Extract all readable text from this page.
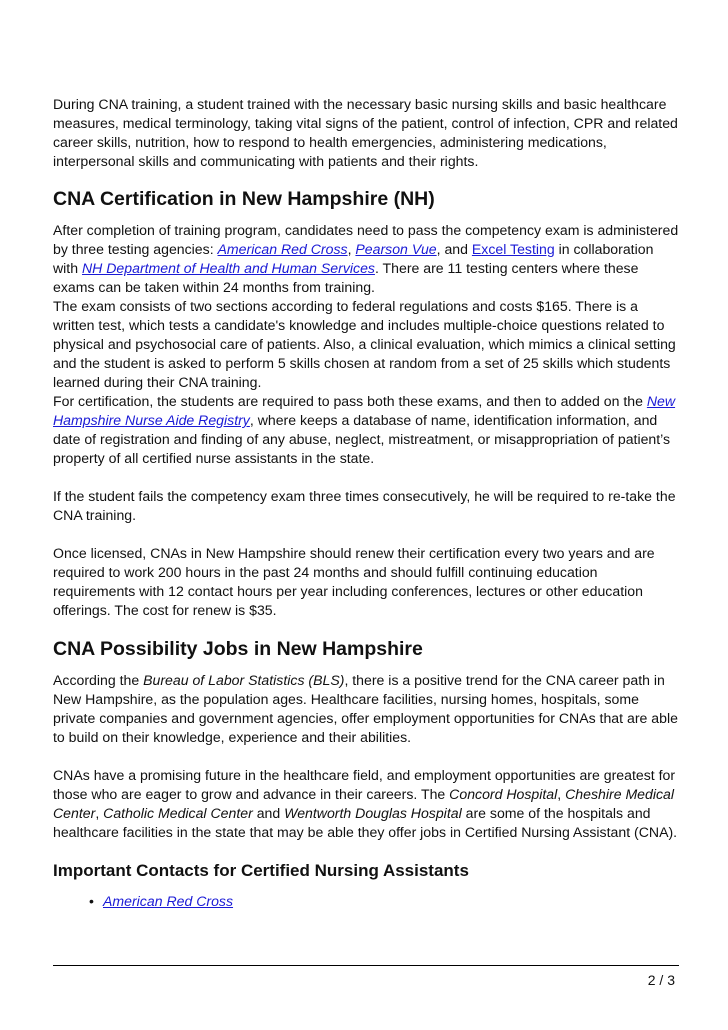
During CNA training, a student trained with the necessary basic nursing skills and basic healthcare measures, medical terminology, taking vital signs of the patient, control of infection, CPR and related career skills, nutrition, how to respond to health emergencies, administering medications, interpersonal skills and communicating with patients and their rights.

CNA Certification in New Hampshire (NH)

After completion of training program, candidates need to pass the competency exam is administered by three testing agencies: American Red Cross, Pearson Vue, and Excel Testing in collaboration with NH Department of Health and Human Services. There are 11 testing centers where these exams can be taken within 24 months from training.

The exam consists of two sections according to federal regulations and costs $165. There is a written test, which tests a candidate's knowledge and includes multiple-choice questions related to physical and psychosocial care of patients. Also, a clinical evaluation, which mimics a clinical setting and the student is asked to perform 5 skills chosen at random from a set of 25 skills which students learned during their CNA training.

For certification, the students are required to pass both these exams, and then to added on the New Hampshire Nurse Aide Registry, where keeps a database of name, identification information, and date of registration and finding of any abuse, neglect, mistreatment, or misappropriation of patient’s property of all certified nurse assistants in the state.

If the student fails the competency exam three times consecutively, he will be required to re-take the CNA training.

Once licensed, CNAs in New Hampshire should renew their certification every two years and are required to work 200 hours in the past 24 months and should fulfill continuing education requirements with 12 contact hours per year including conferences, lectures or other education offerings. The cost for renew is $35.

CNA Possibility Jobs in New Hampshire

According the Bureau of Labor Statistics (BLS), there is a positive trend for the CNA career path in New Hampshire, as the population ages. Healthcare facilities, nursing homes, hospitals, some private companies and government agencies, offer employment opportunities for CNAs that are able to build on their knowledge, experience and their abilities.

CNAs have a promising future in the healthcare field, and employment opportunities are greatest for those who are eager to grow and advance in their careers. The Concord Hospital, Cheshire Medical Center, Catholic Medical Center and Wentworth Douglas Hospital are some of the hospitals and healthcare facilities in the state that may be able they offer jobs in Certified Nursing Assistant (CNA).

Important Contacts for Certified Nursing Assistants
• American Red Cross
2 / 3
